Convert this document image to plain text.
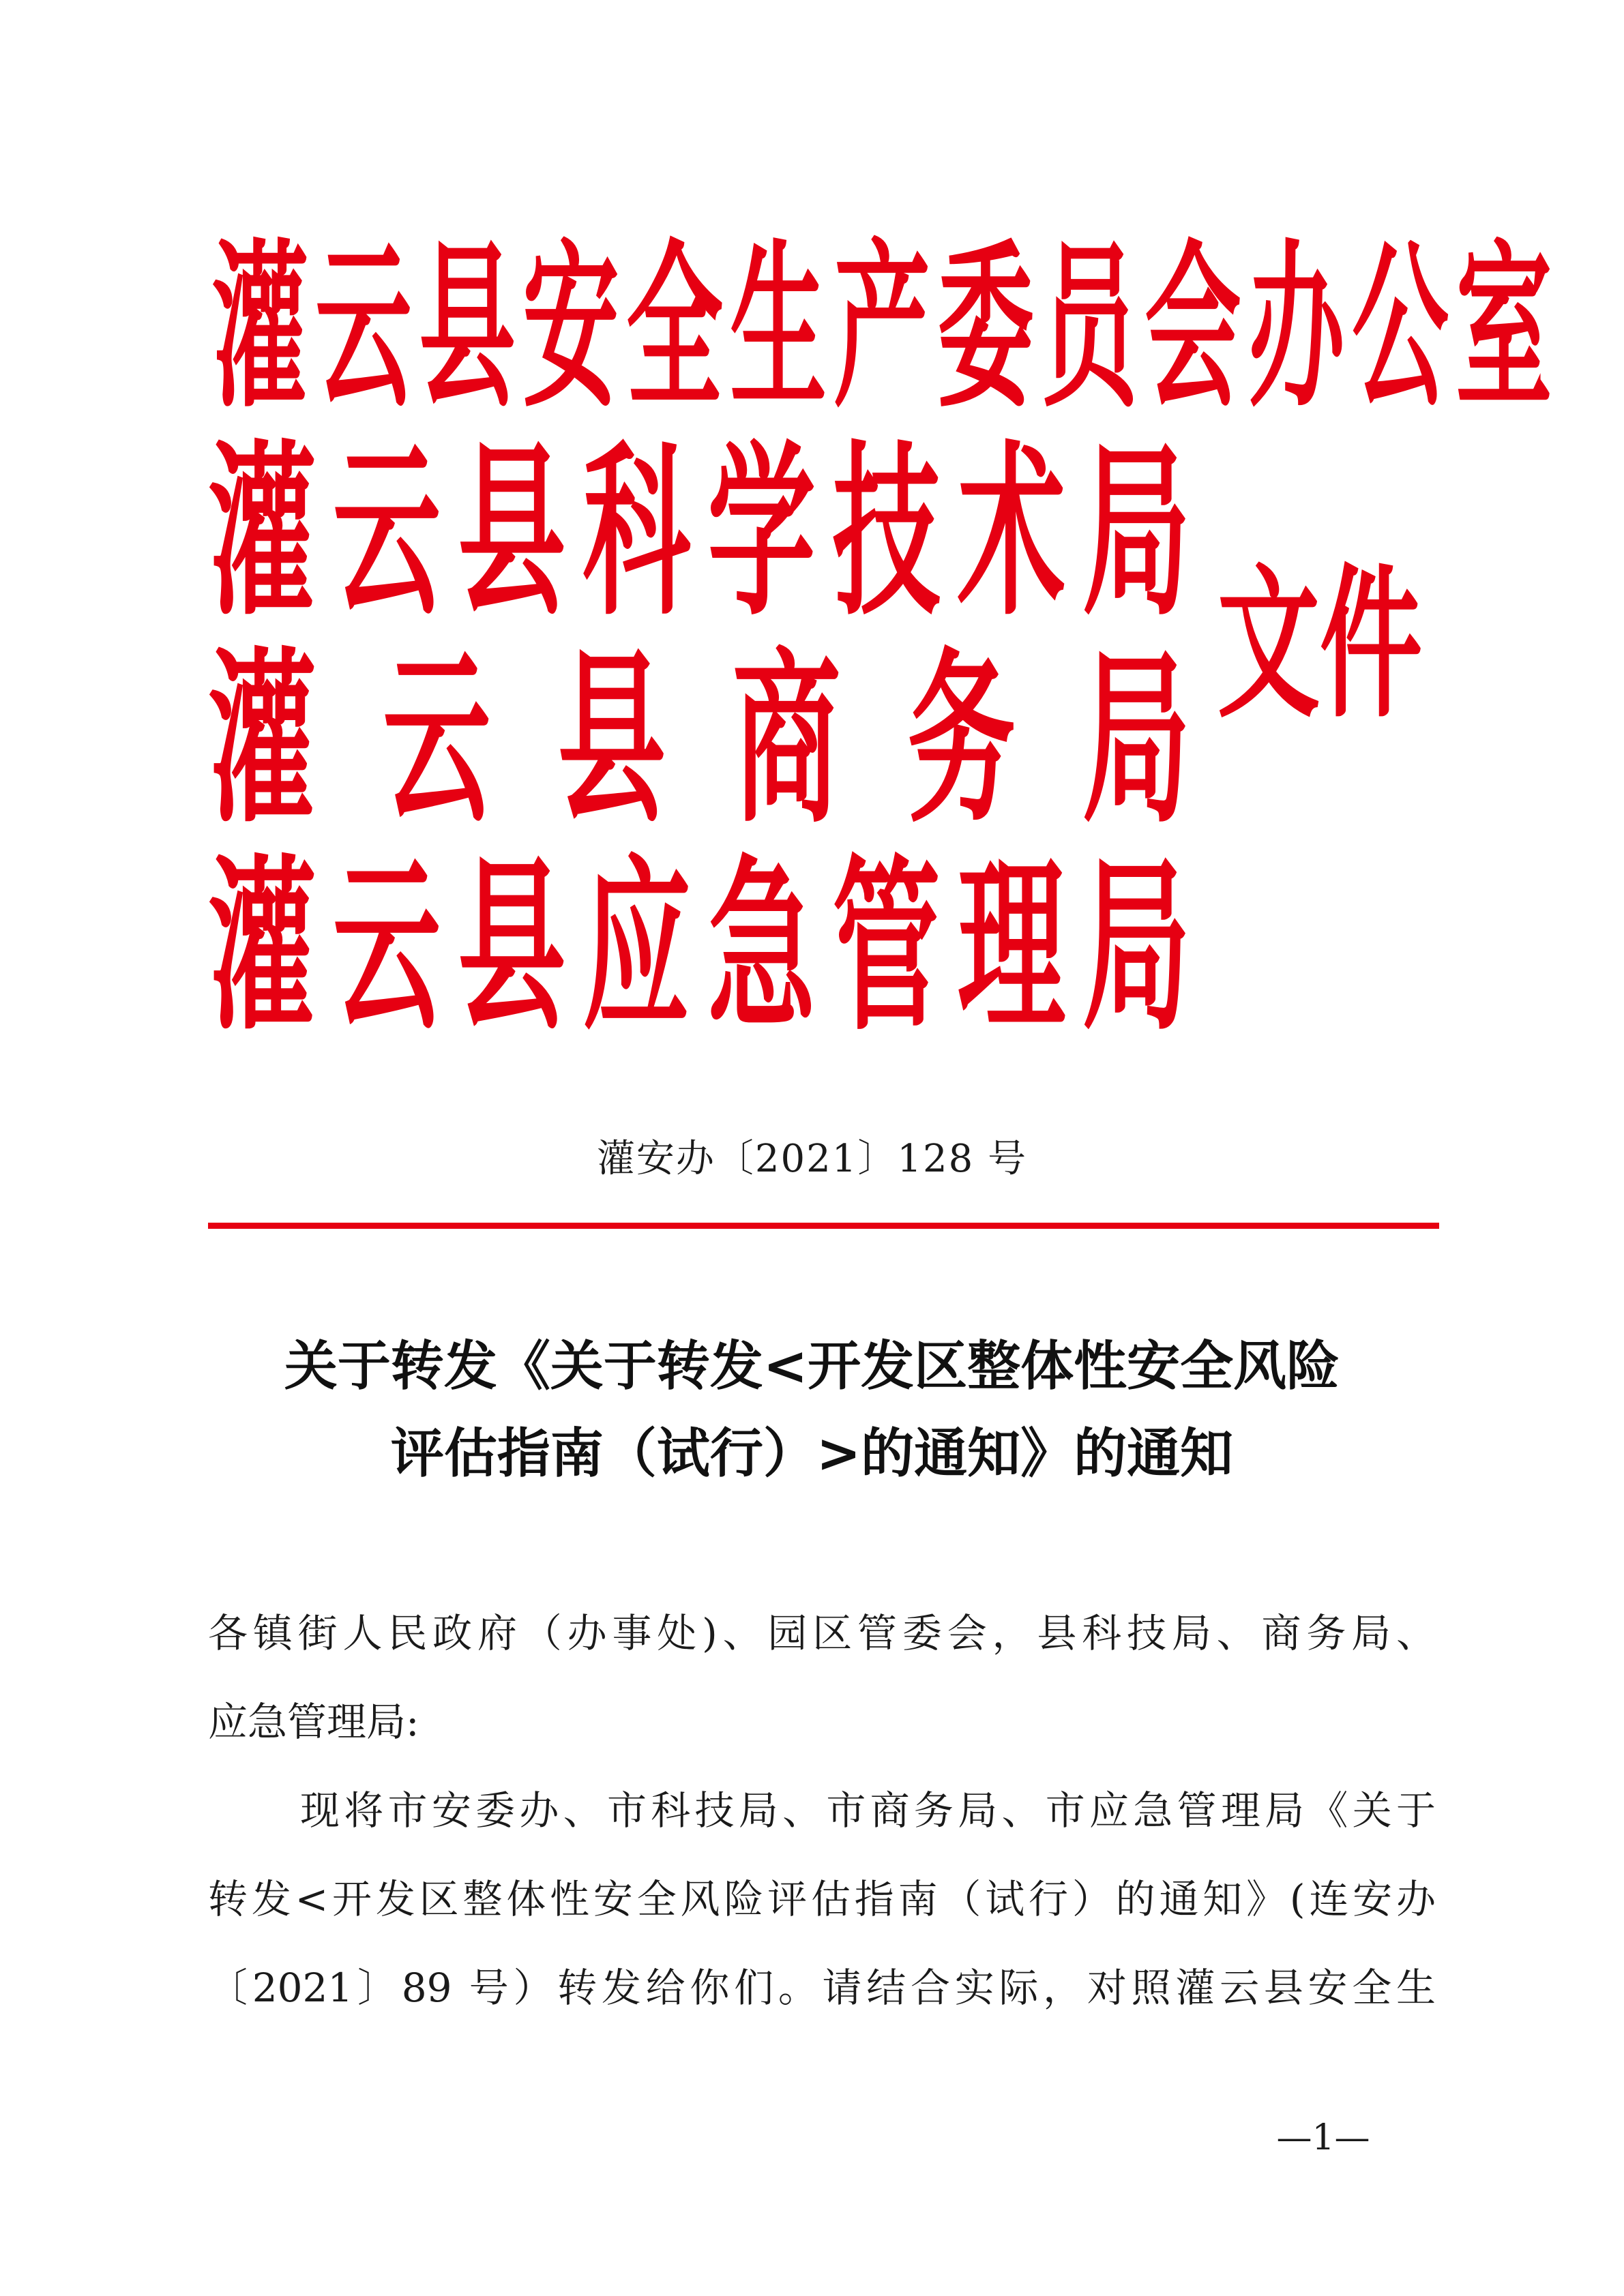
灌 云 县 安 全 生 产 委 员 会 办 公 室
灌 云 县 科 学 技 术 局
灌 云 县 商 务 局
灌 云 县 应 急 管 理 局
文 件
灌安办〔2021〕128 号
关于转发《关于转发<开发区整体性安全风险
评估指南（试行）>的通知》的通知
各镇街人民政府（办事处)、园区管委会，县科技局、商务局、
应急管理局:
现将市安委办、市科技局、市商务局、市应急管理局《关于
转发<开发区整体性安全风险评估指南（试行）的通知》(连安办
〔2021〕89 号）转发给你们。请结合实际，对照灌云县安全生
—1—
